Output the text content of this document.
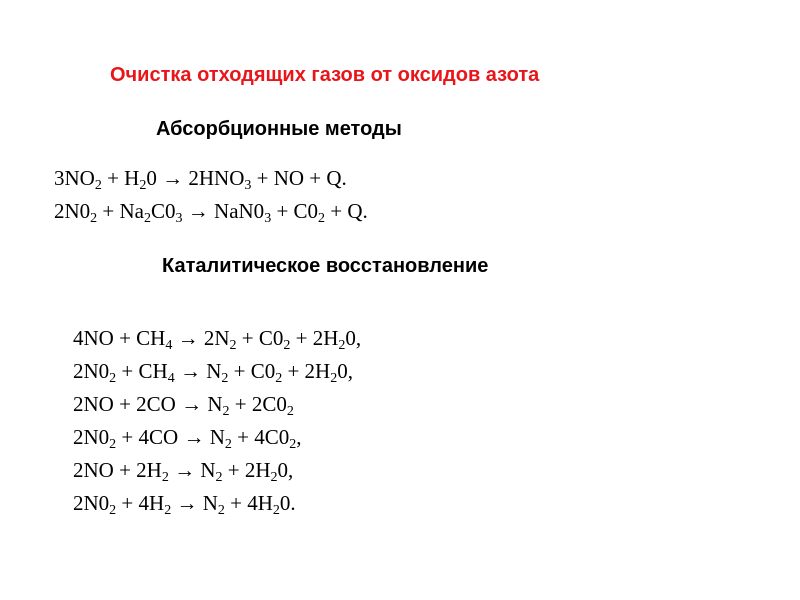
Очистка отходящих газов от оксидов азота
Абсорбционные методы
$3NO_2 + H_20 \to 2HNO_3$ + NO + Q.
$2N0_2 + Na_2C0_3 \to NaN0_3 + C0_2 + Q$.
Каталитическое восстановление
$4NO + CH_4 \to 2N_2 + C0_2 + 2H_20$,
$2N0_2 + CH_4 \to N_2 + C0_2 + 2H_20$,
$2NO + 2CO \to N_2 + 2C0_2$
$2N0_2 + 4CO \to N_2 + 4C0_2$,
$2NO + 2H_2 \to N_2 + 2H_20$,
$2N0_2 + 4H_2 \to N_2 + 4H_20$.
